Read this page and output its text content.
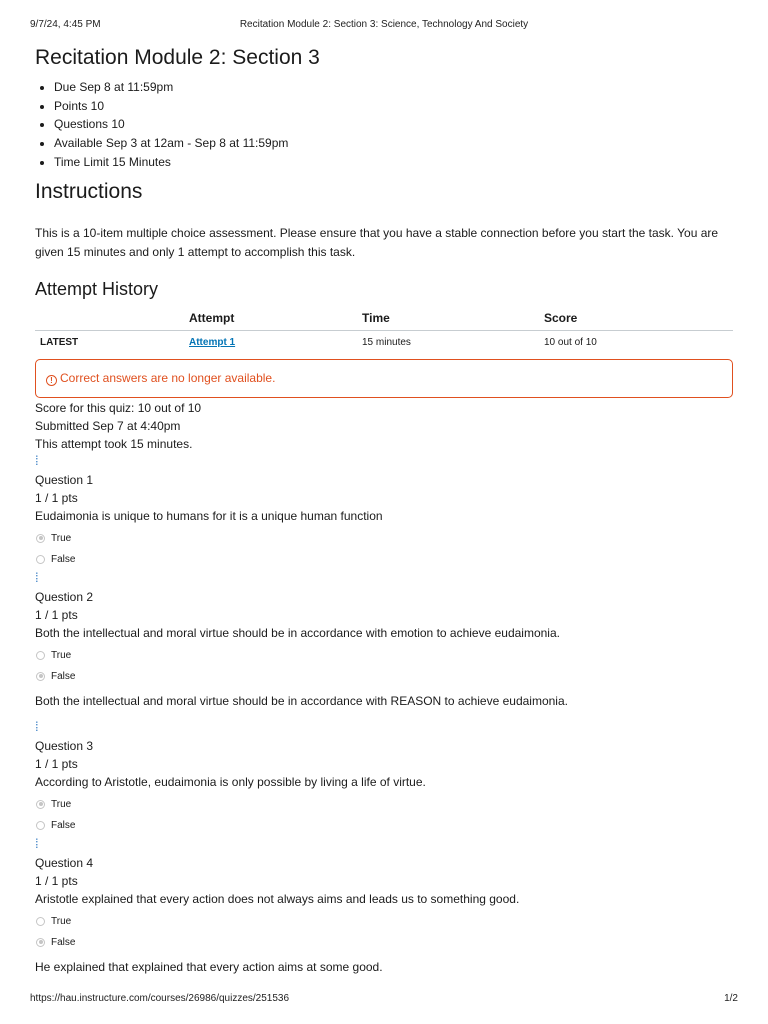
9/7/24, 4:45 PM	Recitation Module 2: Section 3: Science, Technology And Society
Recitation Module 2: Section 3
• Due Sep 8 at 11:59pm
• Points 10
• Questions 10
• Available Sep 3 at 12am - Sep 8 at 11:59pm
• Time Limit 15 Minutes
Instructions

This is a 10-item multiple choice assessment. Please ensure that you have a stable connection before you start the task. You are given 15 minutes and only 1 attempt to accomplish this task.

Attempt History
	Attempt	Time	Score
LATEST	Attempt 1	15 minutes	10 out of 10
! Correct answers are no longer available.
Score for this quiz: 10 out of 10
Submitted Sep 7 at 4:40pm
This attempt took 15 minutes.
⁞
Question 1
1 / 1 pts
Eudaimonia is unique to humans for it is a unique human function
True
False
⁞
Question 2
1 / 1 pts
Both the intellectual and moral virtue should be in accordance with emotion to achieve eudaimonia.
True
False
Both the intellectual and moral virtue should be in accordance with REASON to achieve eudaimonia.
⁞
Question 3
1 / 1 pts
According to Aristotle, eudaimonia is only possible by living a life of virtue.
True
False
⁞
Question 4
1 / 1 pts
Aristotle explained that every action does not always aims and leads us to something good.
True
False
He explained that explained that every action aims at some good.
https://hau.instructure.com/courses/26986/quizzes/251536	1/2
